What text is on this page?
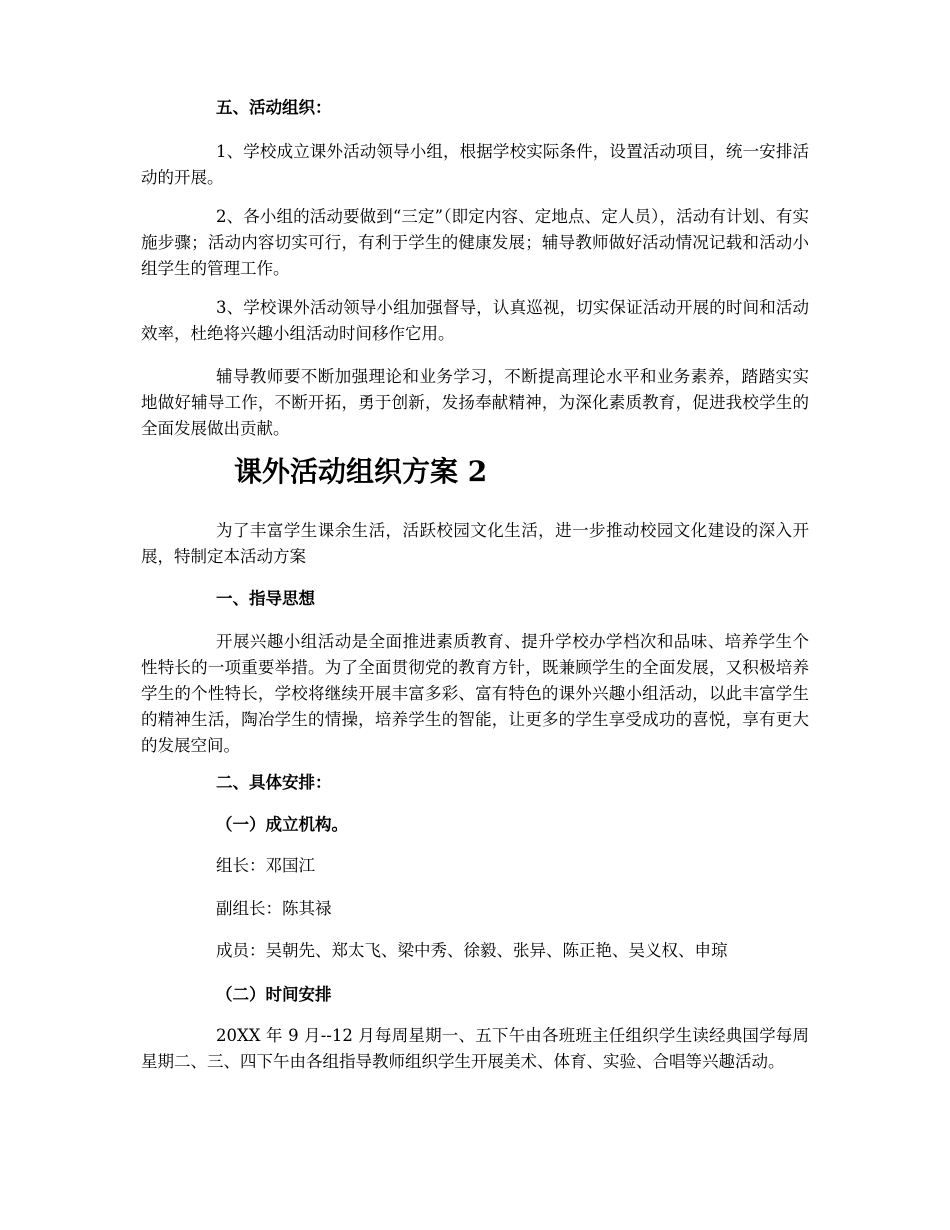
五、活动组织：

1、学校成立课外活动领导小组，根据学校实际条件，设置活动项目，统一安排活动的开展。

2、各小组的活动要做到“三定”（即定内容、定地点、定人员），活动有计划、有实施步骤；活动内容切实可行，有利于学生的健康发展；辅导教师做好活动情况记载和活动小组学生的管理工作。

3、学校课外活动领导小组加强督导，认真巡视，切实保证活动开展的时间和活动效率，杜绝将兴趣小组活动时间移作它用。

辅导教师要不断加强理论和业务学习，不断提高理论水平和业务素养，踏踏实实地做好辅导工作，不断开拓，勇于创新，发扬奉献精神，为深化素质教育，促进我校学生的全面发展做出贡献。

课外活动组织方案 2

为了丰富学生课余生活，活跃校园文化生活，进一步推动校园文化建设的深入开展，特制定本活动方案

一、指导思想

开展兴趣小组活动是全面推进素质教育、提升学校办学档次和品味、培养学生个性特长的一项重要举措。为了全面贯彻党的教育方针，既兼顾学生的全面发展，又积极培养学生的个性特长，学校将继续开展丰富多彩、富有特色的课外兴趣小组活动，以此丰富学生的精神生活，陶冶学生的情操，培养学生的智能，让更多的学生享受成功的喜悦，享有更大的发展空间。

二、具体安排：

（一）成立机构。

组长：邓国江

副组长：陈其禄

成员：吴朝先、郑太飞、梁中秀、徐毅、张异、陈正艳、吴义权、申琼

（二）时间安排

20XX 年 9 月--12 月每周星期一、五下午由各班班主任组织学生读经典国学每周星期二、三、四下午由各组指导教师组织学生开展美术、体育、实验、合唱等兴趣活动。
